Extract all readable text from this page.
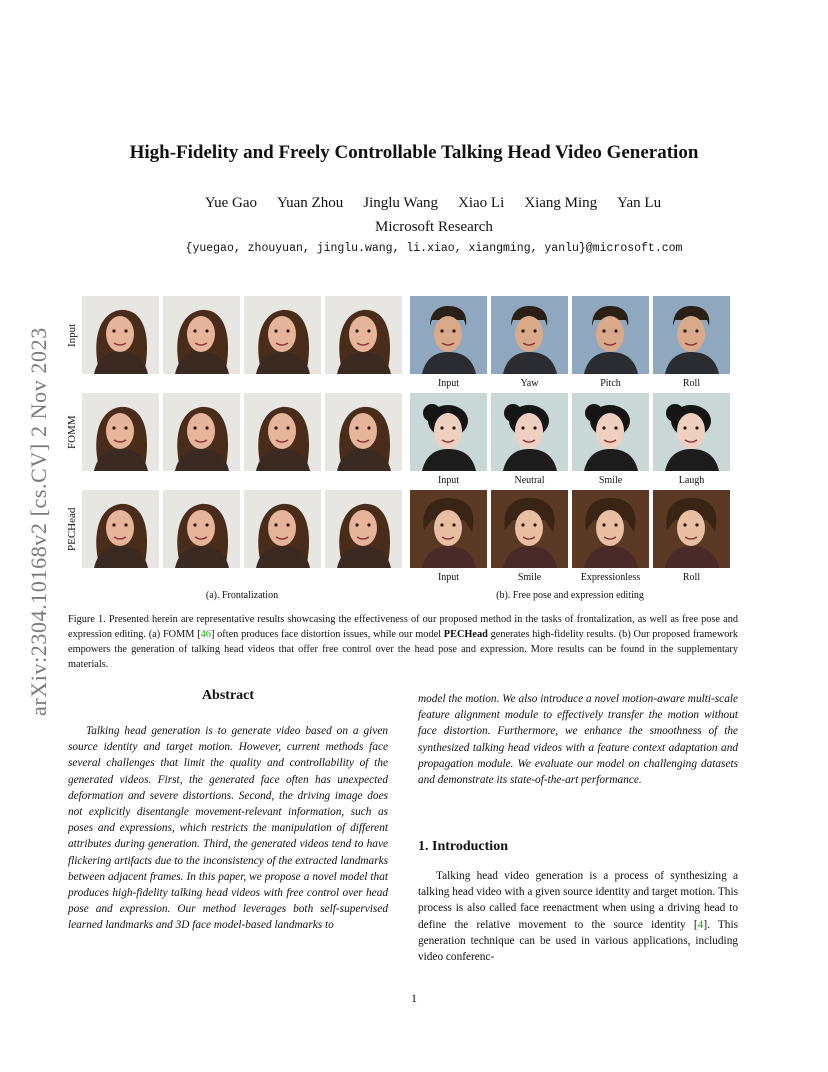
arXiv:2304.10168v2 [cs.CV] 2 Nov 2023
High-Fidelity and Freely Controllable Talking Head Video Generation
Yue Gao Yuan Zhou Jinglu Wang Xiao Li Xiang Ming Yan Lu
Microsoft Research
{yuegao, zhouyuan, jinglu.wang, li.xiao, xiangming, yanlu}@microsoft.com
Input
FOMM
PECHead
Input	Yaw	Pitch	Roll
Input	Neutral	Smile	Laugh
Input	Smile	Expressionless	Roll
(a). Frontalization	(b). Free pose and expression editing
Figure 1. Presented herein are representative results showcasing the effectiveness of our proposed method in the tasks of frontalization, as well as free pose and expression editing. (a) FOMM [46] often produces face distortion issues, while our model PECHead generates high-fidelity results. (b) Our proposed framework empowers the generation of talking head videos that offer free control over the head pose and expression. More results can be found in the supplementary materials.
Abstract

Talking head generation is to generate video based on a given source identity and target motion. However, current methods face several challenges that limit the quality and controllability of the generated videos. First, the generated face often has unexpected deformation and severe distortions. Second, the driving image does not explicitly disentangle movement-relevant information, such as poses and expressions, which restricts the manipulation of different attributes during generation. Third, the generated videos tend to have flickering artifacts due to the inconsistency of the extracted landmarks between adjacent frames. In this paper, we propose a novel model that produces high-fidelity talking head videos with free control over head pose and expression. Our method leverages both self-supervised learned landmarks and 3D face model-based landmarks to

model the motion. We also introduce a novel motion-aware multi-scale feature alignment module to effectively transfer the motion without face distortion. Furthermore, we enhance the smoothness of the synthesized talking head videos with a feature context adaptation and propagation module. We evaluate our model on challenging datasets and demonstrate its state-of-the-art performance.

1. Introduction

Talking head video generation is a process of synthesizing a talking head video with a given source identity and target motion. This process is also called face reenactment when using a driving head to define the relative movement to the source identity [4]. This generation technique can be used in various applications, including video conferenc-

1
